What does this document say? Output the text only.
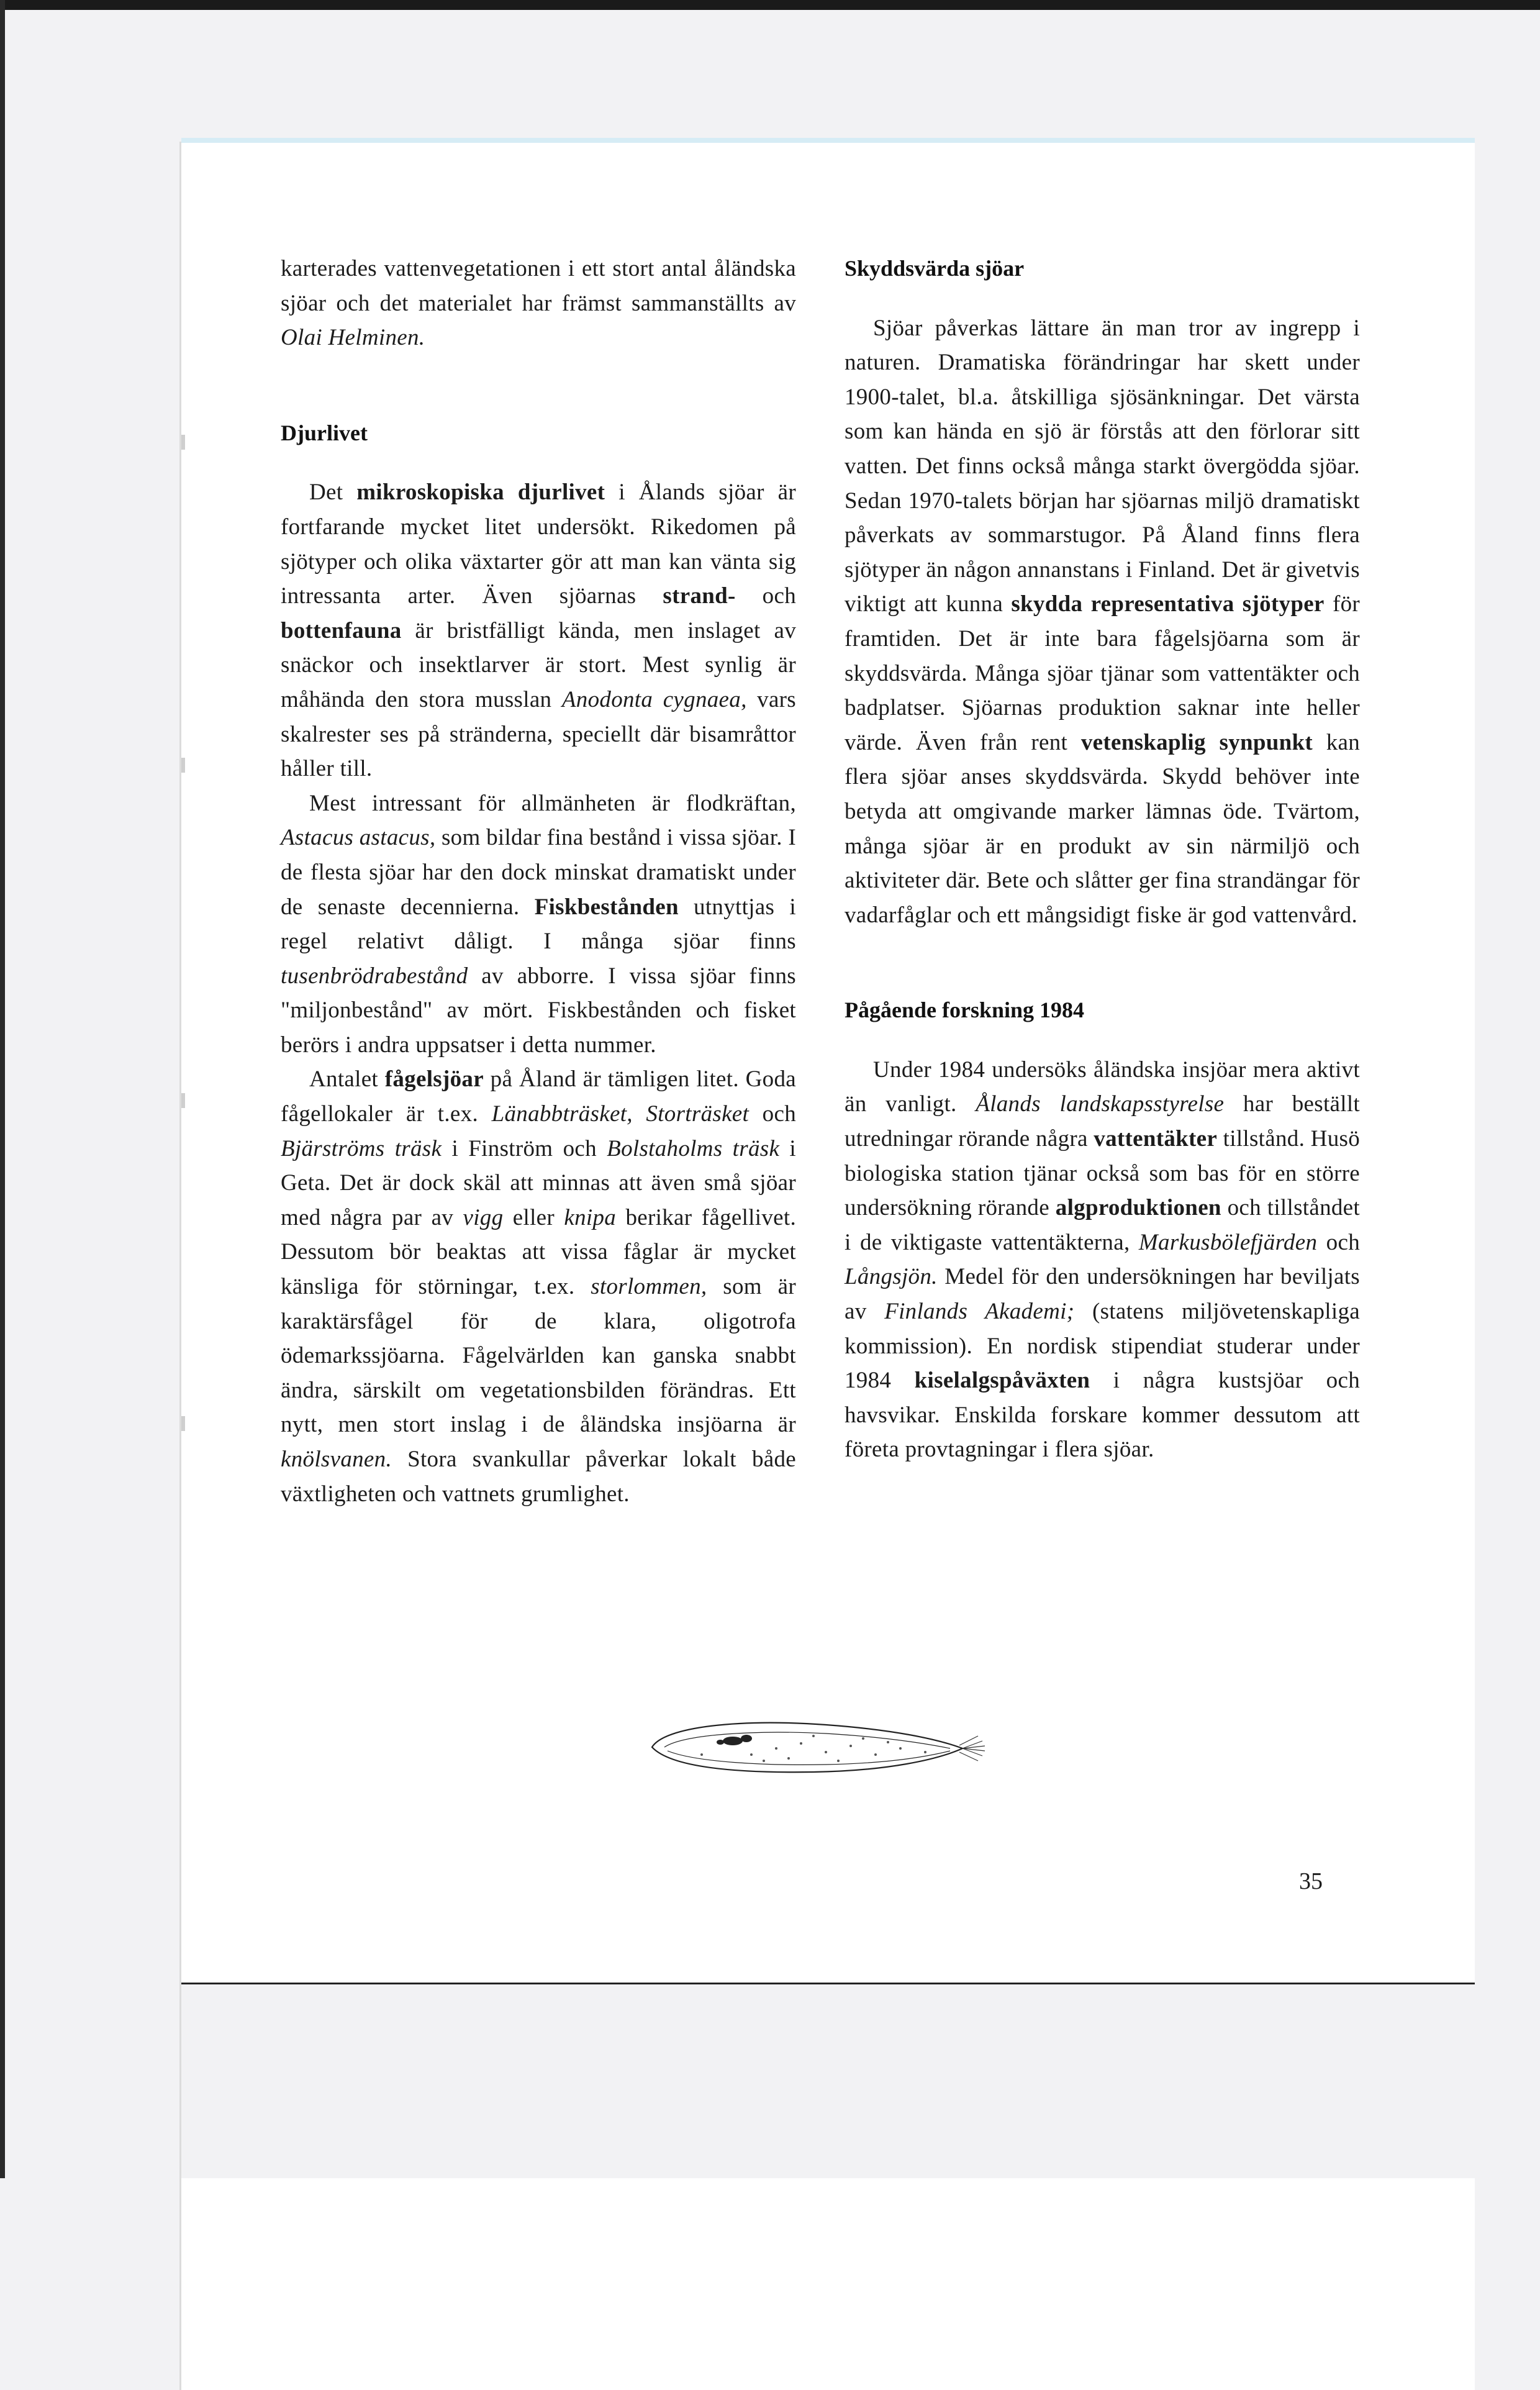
karterades vattenvegetationen i ett stort antal åländska sjöar och det materialet har främst sammanställts av Olai Helminen.

Djurlivet

Det mikroskopiska djurlivet i Ålands sjöar är fortfarande mycket litet undersökt. Rikedomen på sjötyper och olika växtarter gör att man kan vänta sig intressanta arter. Även sjöarnas strand- och bottenfauna är bristfälligt kända, men inslaget av snäckor och insektlarver är stort. Mest synlig är måhända den stora musslan Anodonta cygnaea, vars skalrester ses på stränderna, speciellt där bisamråttor håller till.

Mest intressant för allmänheten är flodkräftan, Astacus astacus, som bildar fina bestånd i vissa sjöar. I de flesta sjöar har den dock minskat dramatiskt under de senaste decennierna. Fiskbestånden utnyttjas i regel relativt dåligt. I många sjöar finns tusenbrödrabestånd av abborre. I vissa sjöar finns "miljonbestånd" av mört. Fiskbestånden och fisket berörs i andra uppsatser i detta nummer.

Antalet fågelsjöar på Åland är tämligen litet. Goda fågellokaler är t.ex. Länabbträsket, Storträsket och Bjärströms träsk i Finström och Bolstaholms träsk i Geta. Det är dock skäl att minnas att även små sjöar med några par av vigg eller knipa berikar fågellivet. Dessutom bör beaktas att vissa fåglar är mycket känsliga för störningar, t.ex. storlommen, som är karaktärsfågel för de klara, oligotrofa ödemarkssjöarna. Fågelvärlden kan ganska snabbt ändra, särskilt om vegetationsbilden förändras. Ett nytt, men stort inslag i de åländska insjöarna är knölsvanen. Stora svankullar påverkar lokalt både växtligheten och vattnets grumlighet.

Skyddsvärda sjöar

Sjöar påverkas lättare än man tror av ingrepp i naturen. Dramatiska förändringar har skett under 1900-talet, bl.a. åtskilliga sjösänkningar. Det värsta som kan hända en sjö är förstås att den förlorar sitt vatten. Det finns också många starkt övergödda sjöar. Sedan 1970-talets början har sjöarnas miljö dramatiskt påverkats av sommarstugor. På Åland finns flera sjötyper än någon annanstans i Finland. Det är givetvis viktigt att kunna skydda representativa sjötyper för framtiden. Det är inte bara fågelsjöarna som är skyddsvärda. Många sjöar tjänar som vattentäkter och badplatser. Sjöarnas produktion saknar inte heller värde. Även från rent vetenskaplig synpunkt kan flera sjöar anses skyddsvärda. Skydd behöver inte betyda att omgivande marker lämnas öde. Tvärtom, många sjöar är en produkt av sin närmiljö och aktiviteter där. Bete och slåtter ger fina strandängar för vadarfåglar och ett mångsidigt fiske är god vattenvård.

Pågående forskning 1984

Under 1984 undersöks åländska insjöar mera aktivt än vanligt. Ålands landskapsstyrelse har beställt utredningar rörande några vattentäkter tillstånd. Husö biologiska station tjänar också som bas för en större undersökning rörande algproduktionen och tillståndet i de viktigaste vattentäkterna, Markusbölefjärden och Långsjön. Medel för den undersökningen har beviljats av Finlands Akademi; (statens miljövetenskapliga kommission). En nordisk stipendiat studerar under 1984 kiselalgspåväxten i några kustsjöar och havsvikar. Enskilda forskare kommer dessutom att företa provtagningar i flera sjöar.

35
